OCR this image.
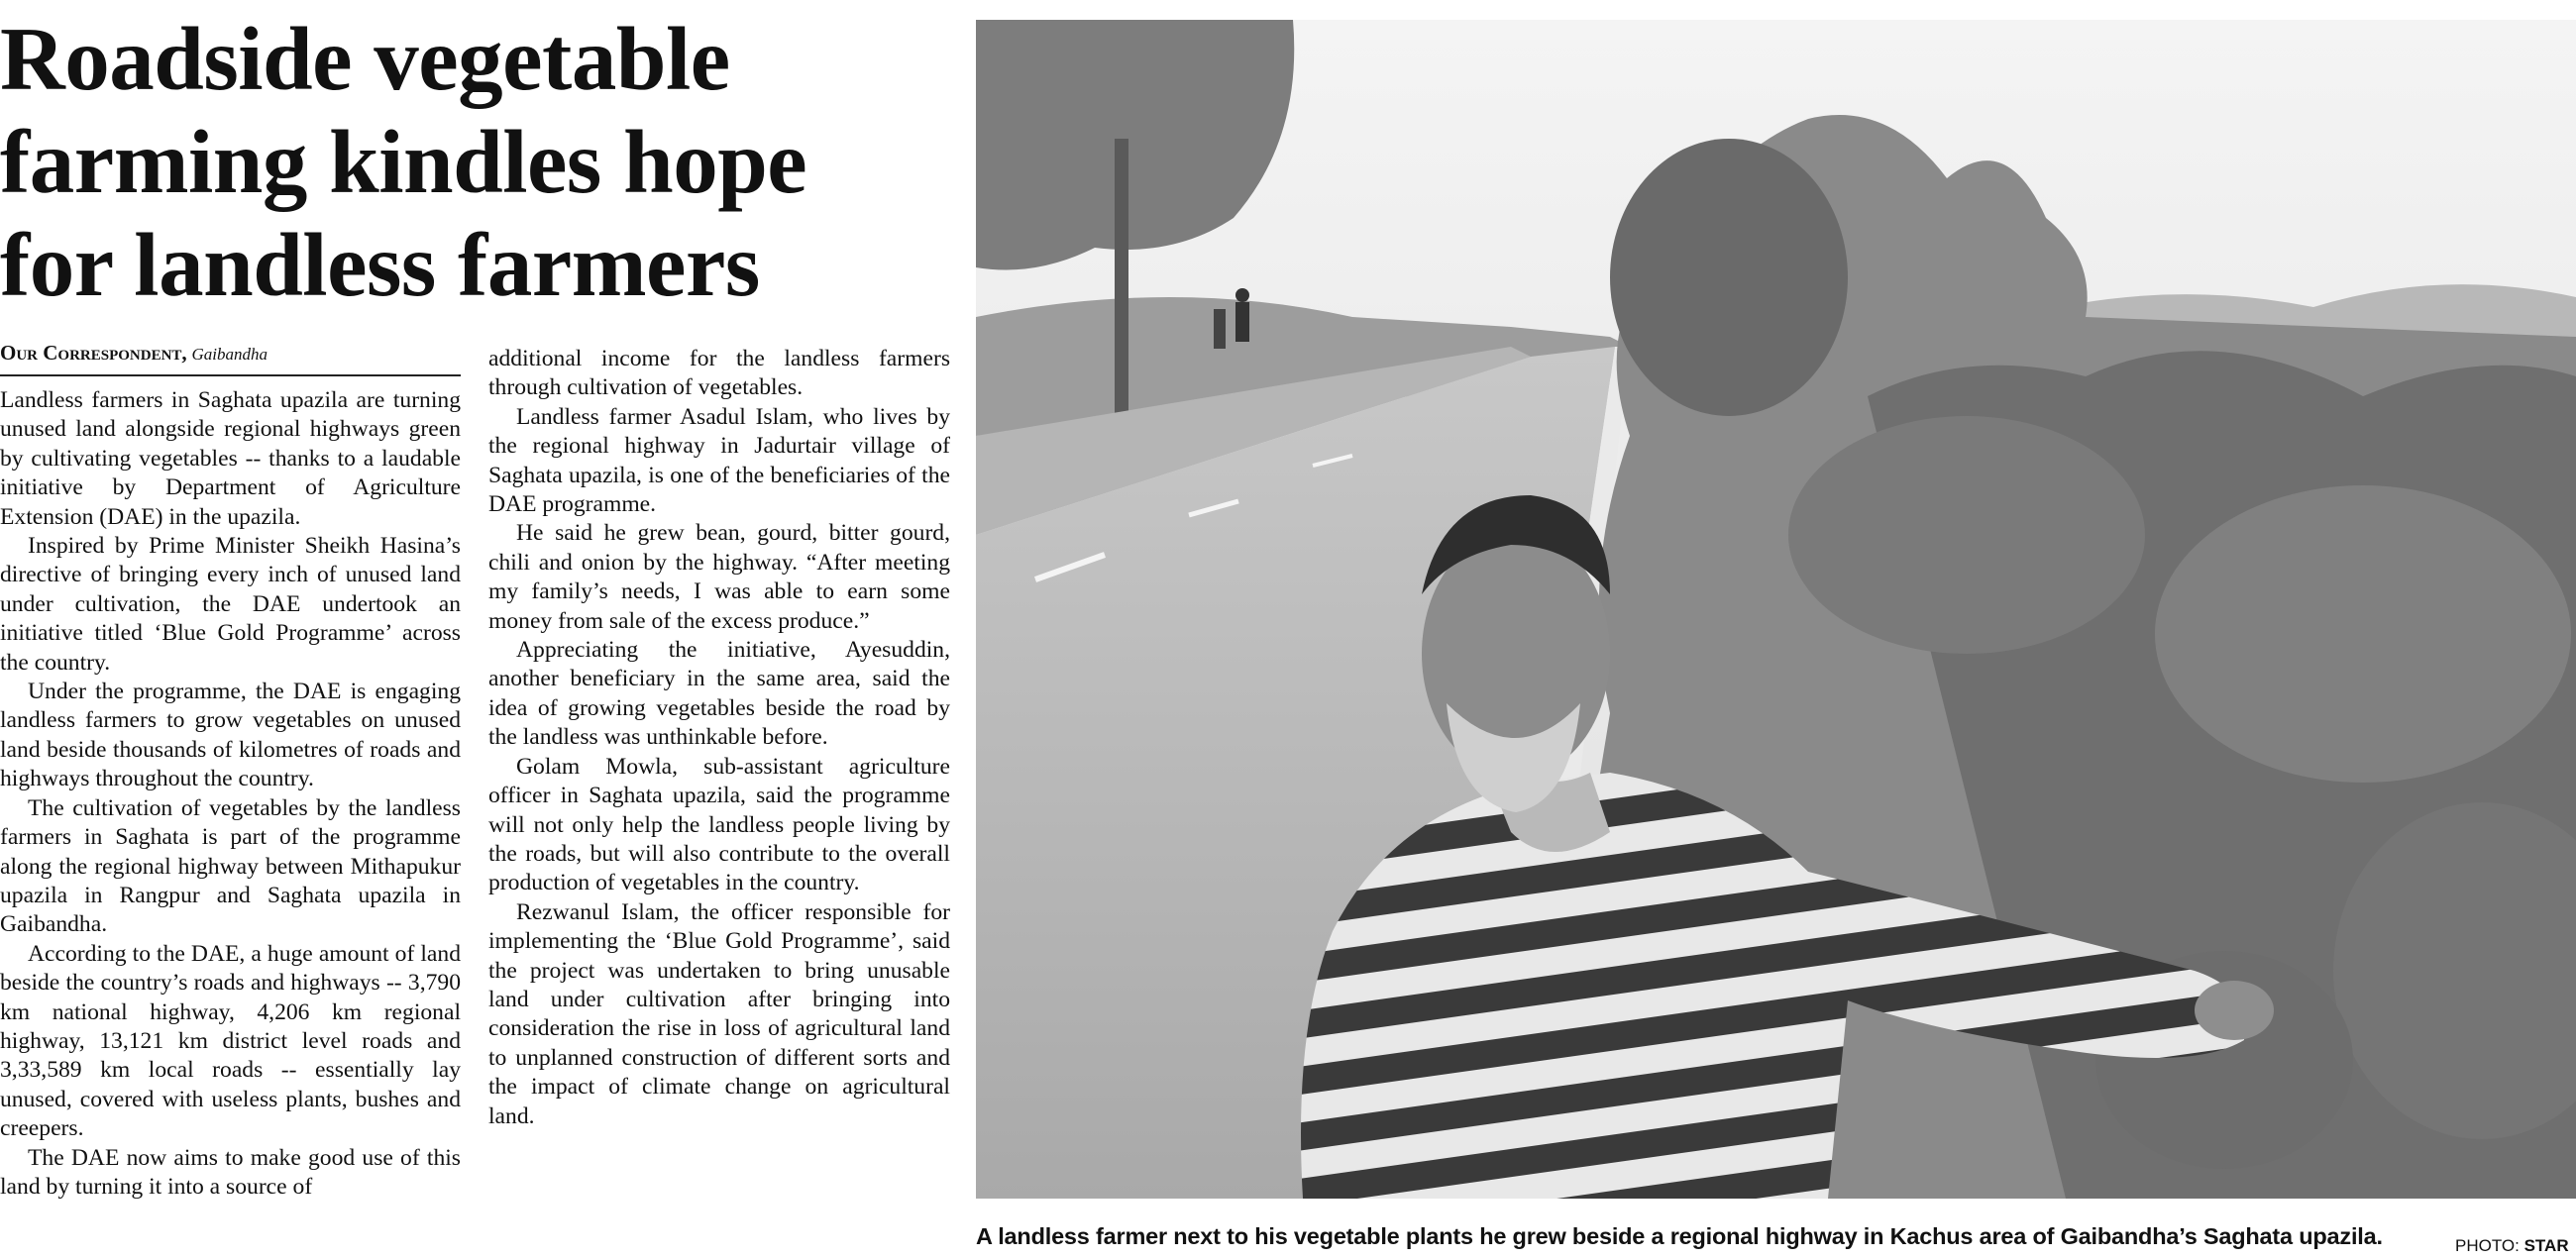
Roadside vegetable
farming kindles hope
for landless farmers
Our Correspondent, Gaibandha

Landless farmers in Saghata upazila are turning unused land alongside regional highways green by cultivating vegetables -- thanks to a laudable initiative by Department of Agriculture Extension (DAE) in the upazila.

Inspired by Prime Minister Sheikh Hasina’s directive of bringing every inch of unused land under cultivation, the DAE undertook an initiative titled ‘Blue Gold Programme’ across the country.

Under the programme, the DAE is engaging landless farmers to grow vegetables on unused land beside thousands of kilometres of roads and highways throughout the country.

The cultivation of vegetables by the landless farmers in Saghata is part of the programme along the regional highway between Mithapukur upazila in Rangpur and Saghata upazila in Gaibandha.

According to the DAE, a huge amount of land beside the country’s roads and highways -- 3,790 km national highway, 4,206 km regional highway, 13,121 km district level roads and 3,33,589 km local roads -- essentially lay unused, covered with useless plants, bushes and creepers.

The DAE now aims to make good use of this land by turning it into a source of

additional income for the landless farmers through cultivation of vegetables.

Landless farmer Asadul Islam, who lives by the regional highway in Jadurtair village of Saghata upazila, is one of the beneficiaries of the DAE programme.

He said he grew bean, gourd, bitter gourd, chili and onion by the highway. “After meeting my family’s needs, I was able to earn some money from sale of the excess produce.”

Appreciating the initiative, Ayesuddin, another beneficiary in the same area, said the idea of growing vegetables beside the road by the landless was unthinkable before.

Golam Mowla, sub-assistant agriculture officer in Saghata upazila, said the programme will not only help the landless people living by the roads, but will also contribute to the overall production of vegetables in the country.

Rezwanul Islam, the officer responsible for implementing the ‘Blue Gold Programme’, said the project was undertaken to bring unusable land under cultivation after bringing into consideration the rise in loss of agricultural land to unplanned construction of different sorts and the impact of climate change on agricultural land.

A landless farmer next to his vegetable plants he grew beside a regional highway in Kachus area of Gaibandha’s Saghata upazila.	PHOTO: STAR
